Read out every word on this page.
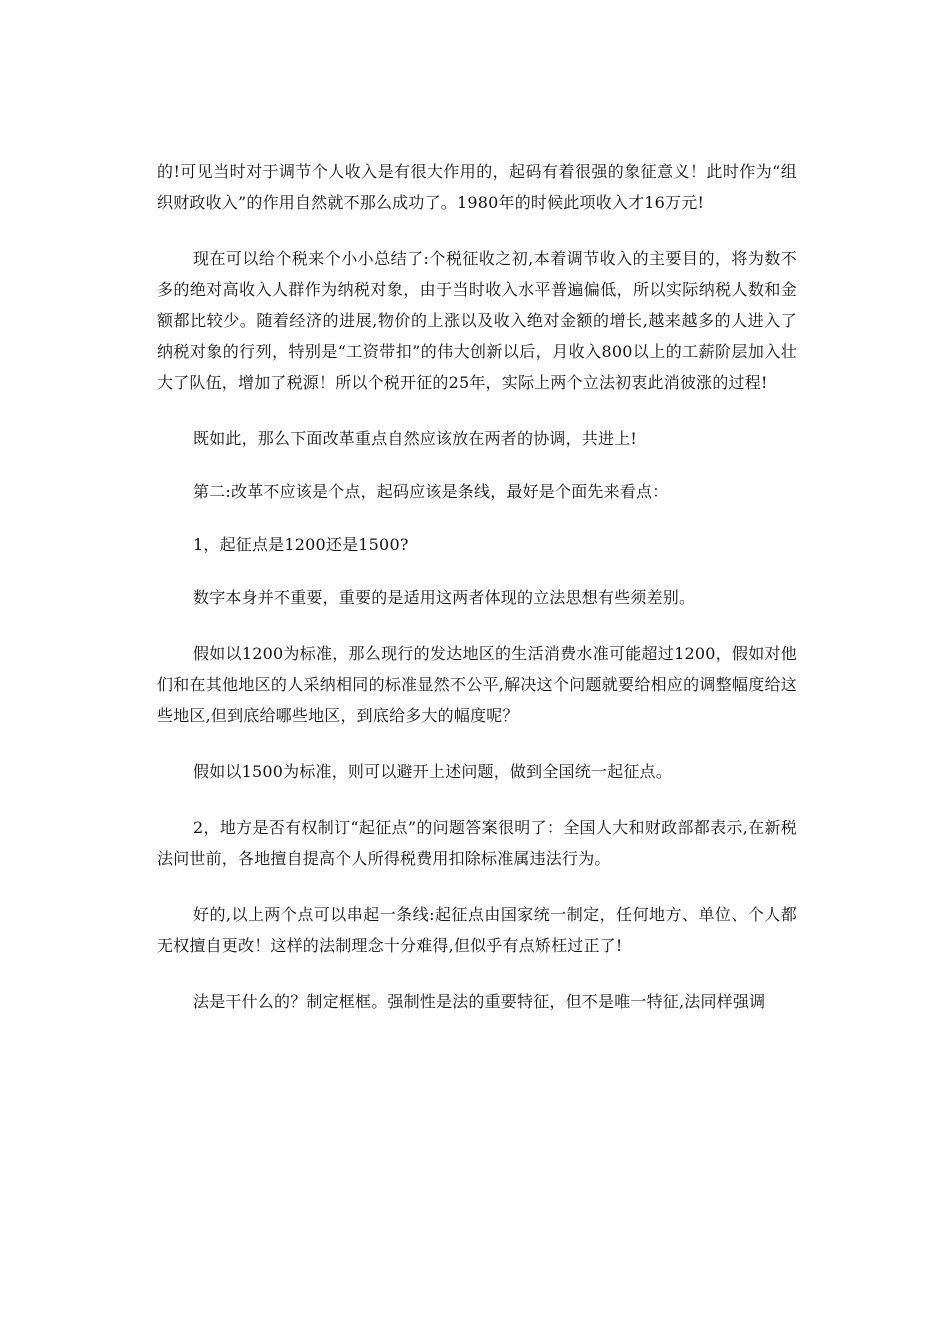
的!可见当时对于调节个人收入是有很大作用的，起码有着很强的象征意义！此时作为“组织财政收入”的作用自然就不那么成功了。1980年的时候此项收入才16万元!

现在可以给个税来个小小总结了:个税征收之初,本着调节收入的主要目的，将为数不多的绝对高收入人群作为纳税对象，由于当时收入水平普遍偏低，所以实际纳税人数和金额都比较少。随着经济的进展,物价的上涨以及收入绝对金额的增长,越来越多的人进入了纳税对象的行列，特别是“工资带扣”的伟大创新以后，月收入800以上的工薪阶层加入壮大了队伍，增加了税源！所以个税开征的25年，实际上两个立法初衷此消彼涨的过程!

既如此，那么下面改革重点自然应该放在两者的协调，共进上!

第二:改革不应该是个点，起码应该是条线，最好是个面先来看点：

1，起征点是1200还是1500?

数字本身并不重要，重要的是适用这两者体现的立法思想有些须差别。

假如以1200为标准，那么现行的发达地区的生活消费水准可能超过1200，假如对他们和在其他地区的人采纳相同的标准显然不公平,解决这个问题就要给相应的调整幅度给这些地区,但到底给哪些地区，到底给多大的幅度呢？

假如以1500为标准，则可以避开上述问题，做到全国统一起征点。

2，地方是否有权制订“起征点”的问题答案很明了：全国人大和财政部都表示,在新税法问世前，各地擅自提高个人所得税费用扣除标准属违法行为。

好的,以上两个点可以串起一条线:起征点由国家统一制定，任何地方、单位、个人都无权擅自更改！这样的法制理念十分难得,但似乎有点矫枉过正了!

法是干什么的？制定框框。强制性是法的重要特征，但不是唯一特征,法同样强调
